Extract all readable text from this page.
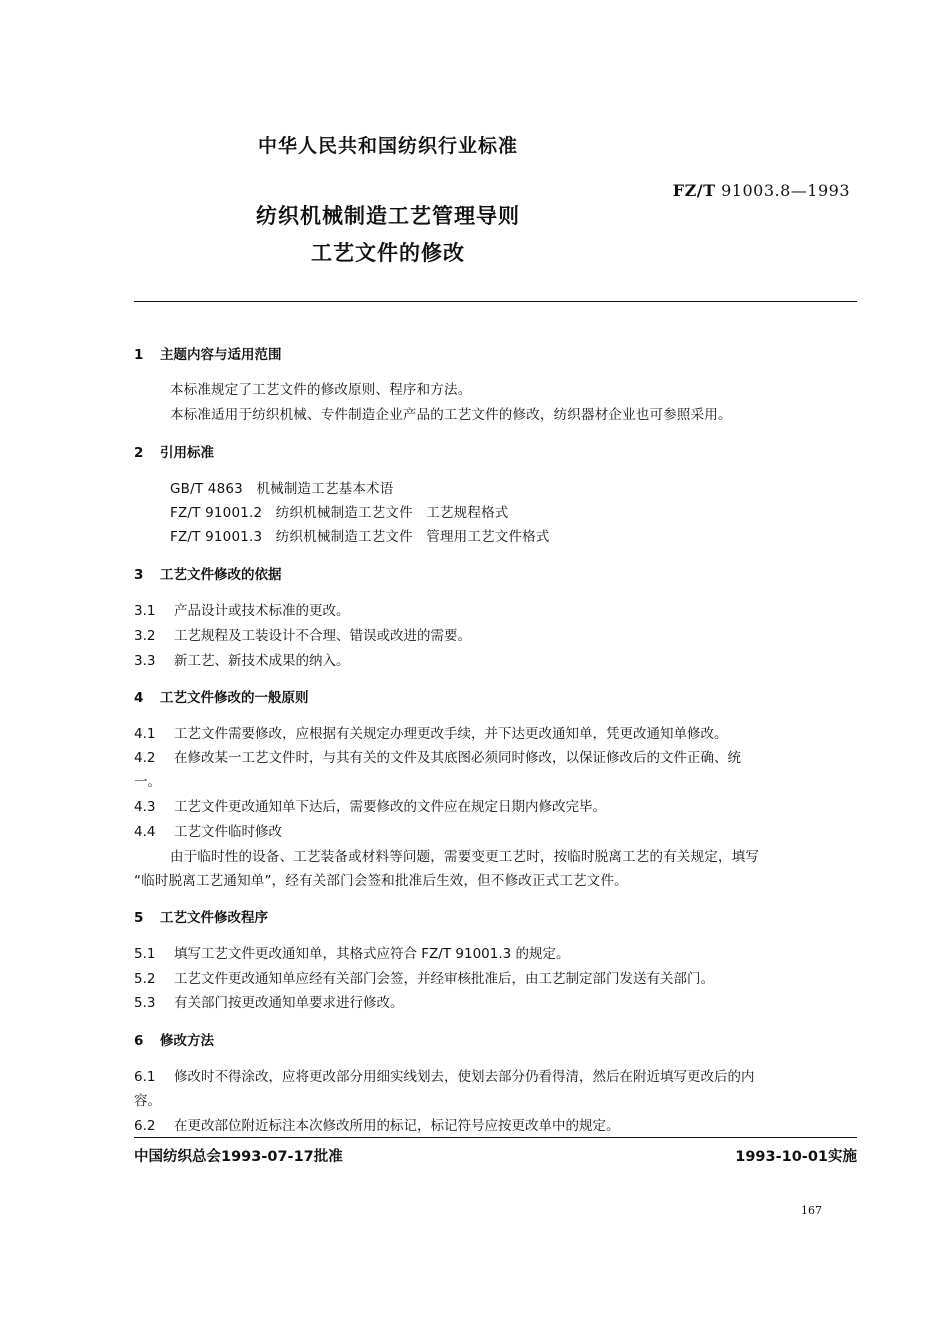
中华人民共和国纺织行业标准
FZ/T 91003.8—1993
纺织机械制造工艺管理导则
工艺文件的修改
1 主题内容与适用范围
本标准规定了工艺文件的修改原则、程序和方法。
本标准适用于纺织机械、专件制造企业产品的工艺文件的修改，纺织器材企业也可参照采用。
2 引用标准
GB/T 4863   机械制造工艺基本术语
FZ/T 91001.2   纺织机械制造工艺文件   工艺规程格式
FZ/T 91001.3   纺织机械制造工艺文件   管理用工艺文件格式
3 工艺文件修改的依据
3.1 产品设计或技术标准的更改。
3.2 工艺规程及工装设计不合理、错误或改进的需要。
3.3 新工艺、新技术成果的纳入。
4 工艺文件修改的一般原则
4.1 工艺文件需要修改，应根据有关规定办理更改手续，并下达更改通知单，凭更改通知单修改。
4.2 在修改某一工艺文件时，与其有关的文件及其底图必须同时修改，以保证修改后的文件正确、统
一。
4.3 工艺文件更改通知单下达后，需要修改的文件应在规定日期内修改完毕。
4.4 工艺文件临时修改
由于临时性的设备、工艺装备或材料等问题，需要变更工艺时，按临时脱离工艺的有关规定，填写
“临时脱离工艺通知单”，经有关部门会签和批准后生效，但不修改正式工艺文件。
5 工艺文件修改程序
5.1 填写工艺文件更改通知单，其格式应符合 FZ/T 91001.3 的规定。
5.2 工艺文件更改通知单应经有关部门会签，并经审核批准后，由工艺制定部门发送有关部门。
5.3 有关部门按更改通知单要求进行修改。
6 修改方法
6.1 修改时不得涂改，应将更改部分用细实线划去，使划去部分仍看得清，然后在附近填写更改后的内
容。
6.2 在更改部位附近标注本次修改所用的标记，标记符号应按更改单中的规定。
中国纺织总会1993-07-17批准	1993-10-01实施
167
